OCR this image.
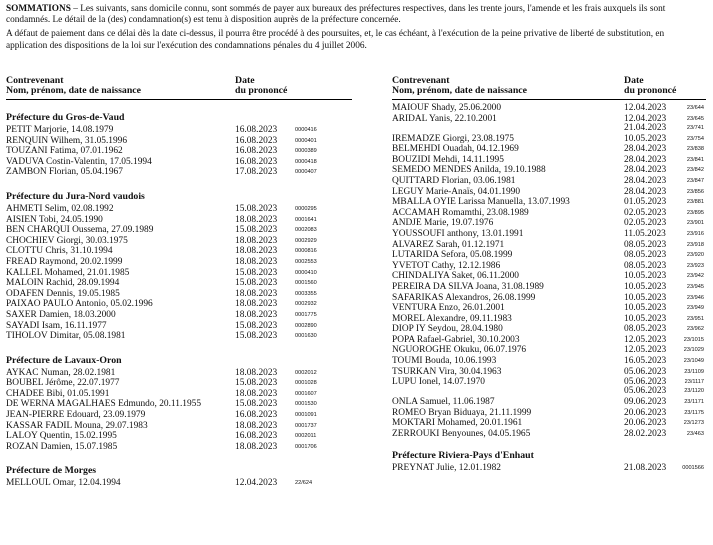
SOMMATIONS – Les suivants, sans domicile connu, sont sommés de payer aux bureaux des préfectures respectives, dans les trente jours, l'amende et les frais auxquels ils sont condamnés. Le détail de la (des) condamnation(s) est tenu à disposition auprès de la préfecture concernée.

A défaut de paiement dans ce délai dès la date ci-dessus, il pourra être procédé à des poursuites, et, le cas échéant, à l'exécution de la peine privative de liberté de substitution, en application des dispositions de la loi sur l'exécution des condamnations pénales du 4 juillet 2006.

Contrevenant
Nom, prénom, date de naissance
Date
du prononcé
Préfecture du Gros-de-Vaud
PETIT Marjorie, 14.08.1979	16.08.2023	0000416
RENQUIN Wilhem, 31.05.1996	16.08.2023	0000401
TOUZANI Fatima, 07.01.1962	16.08.2023	0000389
VADUVA Costin-Valentin, 17.05.1994	16.08.2023	0000418
ZAMBON Florian, 05.04.1967	17.08.2023	0000407
Préfecture du Jura-Nord vaudois
AHMETI Selim, 02.08.1992	15.08.2023	0000295
AISIEN Tobi, 24.05.1990	18.08.2023	0001641
BEN CHARQUI Oussema, 27.09.1989	15.08.2023	0002083
CHOCHIEV Giorgi, 30.03.1975	18.08.2023	0002929
CLOTTU Chris, 31.10.1994	18.08.2023	0000816
FREAD Raymond, 20.02.1999	18.08.2023	0002553
KALLEL Mohamed, 21.01.1985	15.08.2023	0000410
MALOIN Rachid, 28.09.1994	15.08.2023	0001560
ODAFEN Dennis, 19.05.1985	18.08.2023	0003355
PAIXAO PAULO Antonio, 05.02.1996	18.08.2023	0002932
SAXER Damien, 18.03.2000	18.08.2023	0001775
SAYADI Isam, 16.11.1977	15.08.2023	0002890
TIHOLOV Dimitar, 05.08.1981	15.08.2023	0001630
Préfecture de Lavaux-Oron
AYKAC Numan, 28.02.1981	18.08.2023	0002012
BOUBEL Jérôme, 22.07.1977	15.08.2023	0001028
CHADEE Bibi, 01.05.1991	18.08.2023	0001607
DE WERNA MAGALHAES Edmundo, 20.11.1955	15.08.2023	0001530
JEAN-PIERRE Edouard, 23.09.1979	16.08.2023	0001091
KASSAR FADIL Mouna, 29.07.1983	18.08.2023	0001737
LALOY Quentin, 15.02.1995	16.08.2023	0002011
ROZAN Damien, 15.07.1985	18.08.2023	0001706
Préfecture de Morges
MELLOUL Omar, 12.04.1994	12.04.2023	22/624
Contrevenant
Nom, prénom, date de naissance
Date
du prononcé
MAIOUF Shady, 25.06.2000	12.04.2023	23/644
ARIDAL Yanis, 22.10.2001	12.04.2023	23/645
21.04.2023	23/741
IREMADZE Giorgi, 23.08.1975	10.05.2023	23/754
BELMEHDI Ouadah, 04.12.1969	28.04.2023	23/838
BOUZIDI Mehdi, 14.11.1995	28.04.2023	23/841
SEMEDO MENDES Anilda, 19.10.1988	28.04.2023	23/842
QUITTARD Florian, 03.06.1981	28.04.2023	23/847
LEGUY Marie-Anaïs, 04.01.1990	28.04.2023	23/856
MBALLA OYIE Larissa Manuella, 13.07.1993	01.05.2023	23/881
ACCAMAH Romamthi, 23.08.1989	02.05.2023	23/895
ANDJE Marie, 19.07.1976	02.05.2023	23/901
YOUSSOUFI anthony, 13.01.1991	11.05.2023	23/916
ALVAREZ Sarah, 01.12.1971	08.05.2023	23/918
LUTARIDA Sefora, 05.08.1999	08.05.2023	23/920
YVETOT Cathy, 12.12.1986	08.05.2023	23/923
CHINDALIYA Saket, 06.11.2000	10.05.2023	23/942
PEREIRA DA SILVA Joana, 31.08.1989	10.05.2023	23/945
SAFARIKAS Alexandros, 26.08.1999	10.05.2023	23/946
VENTURA Enzo, 26.01.2001	10.05.2023	23/949
MOREL Alexandre, 09.11.1983	10.05.2023	23/951
DIOP IY Seydou, 28.04.1980	08.05.2023	23/962
POPA Rafael-Gabriel, 30.10.2003	12.05.2023	23/1015
NGUOROGHE Okuku, 06.07.1976	12.05.2023	23/1029
TOUMI Bouda, 10.06.1993	16.05.2023	23/1049
TSURKAN Vira, 30.04.1963	05.06.2023	23/1109
LUPU Ionel, 14.07.1970	05.06.2023	23/1117
05.06.2023	23/1120
ONLA Samuel, 11.06.1987	09.06.2023	23/1171
ROMEO Bryan Biduaya, 21.11.1999	20.06.2023	23/1175
MOKTARI Mohamed, 20.01.1961	20.06.2023	23/1273
ZERROUKI Benyounes, 04.05.1965	28.02.2023	23/463
Préfecture Riviera-Pays d'Enhaut
PREYNAT Julie, 12.01.1982	21.08.2023	0001566
